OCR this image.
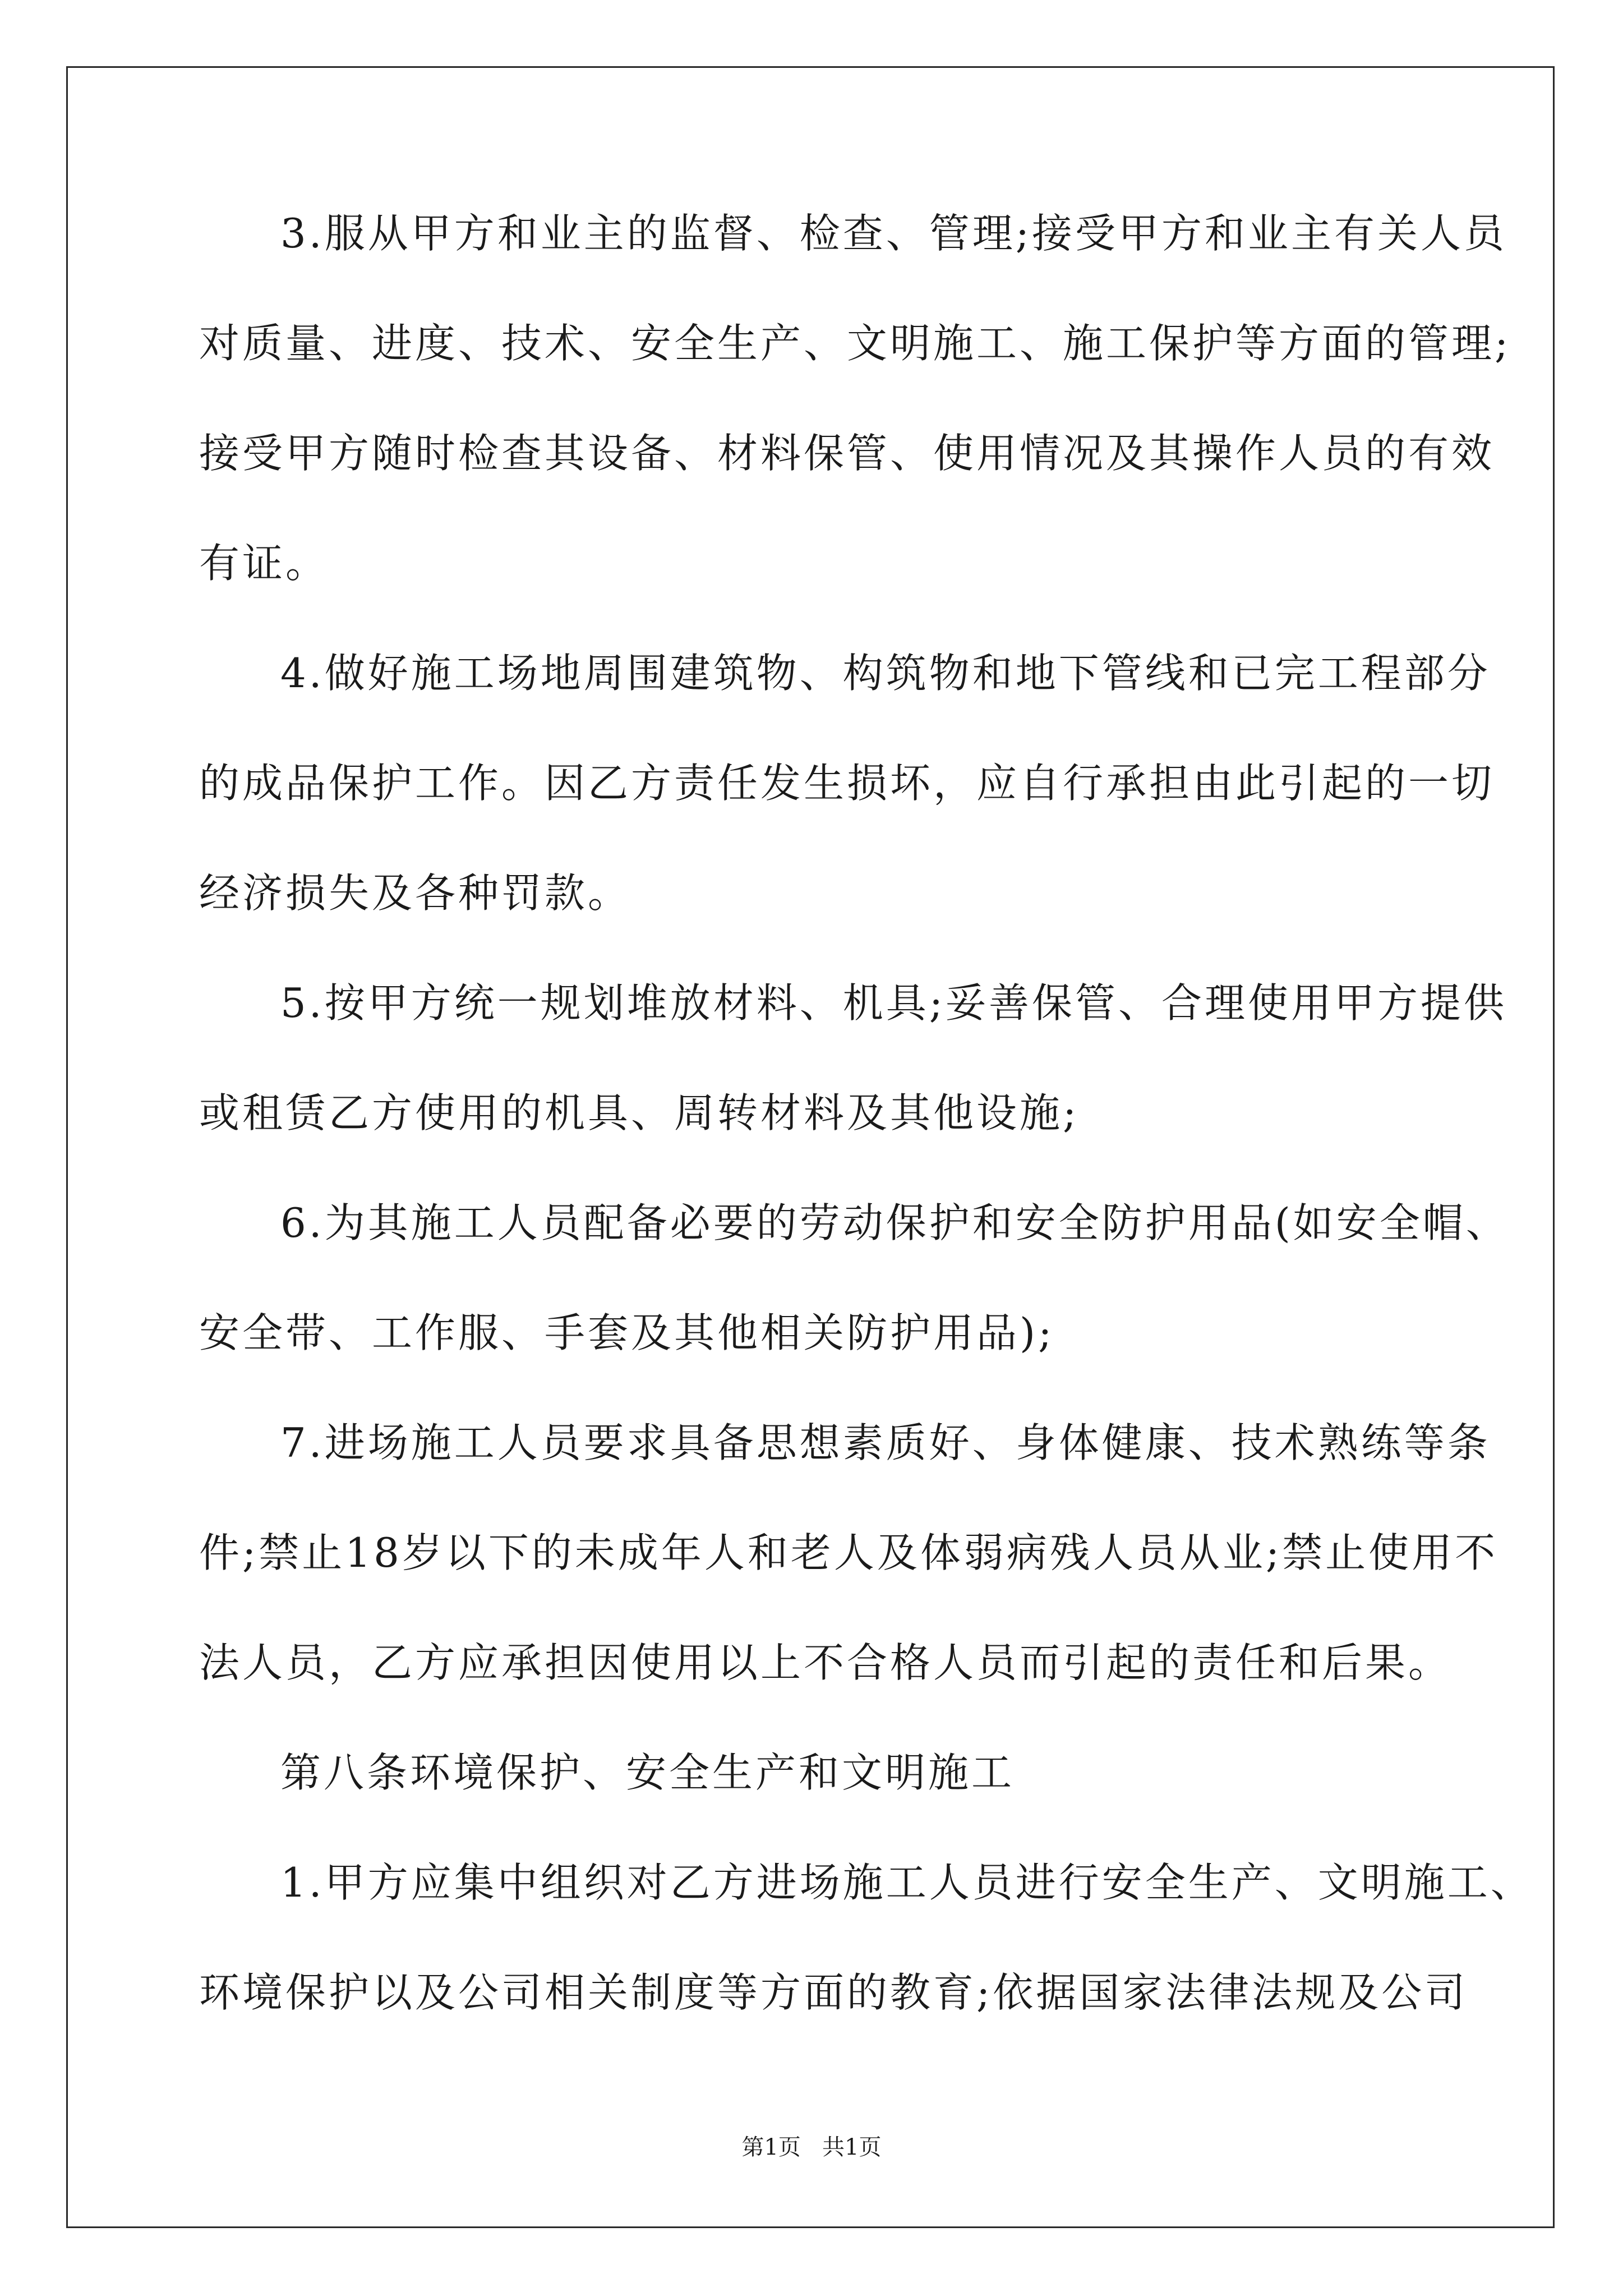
3.服从甲方和业主的监督、检查、管理;接受甲方和业主有关人员
对质量、进度、技术、安全生产、文明施工、施工保护等方面的管理;
接受甲方随时检查其设备、材料保管、使用情况及其操作人员的有效
有证。
4.做好施工场地周围建筑物、构筑物和地下管线和已完工程部分
的成品保护工作。因乙方责任发生损坏，应自行承担由此引起的一切
经济损失及各种罚款。
5.按甲方统一规划堆放材料、机具;妥善保管、合理使用甲方提供
或租赁乙方使用的机具、周转材料及其他设施;
6.为其施工人员配备必要的劳动保护和安全防护用品(如安全帽、
安全带、工作服、手套及其他相关防护用品);
7.进场施工人员要求具备思想素质好、身体健康、技术熟练等条
件;禁止18岁以下的未成年人和老人及体弱病残人员从业;禁止使用不
法人员，乙方应承担因使用以上不合格人员而引起的责任和后果。
第八条环境保护、安全生产和文明施工
1.甲方应集中组织对乙方进场施工人员进行安全生产、文明施工、
环境保护以及公司相关制度等方面的教育;依据国家法律法规及公司
第1页   共1页
